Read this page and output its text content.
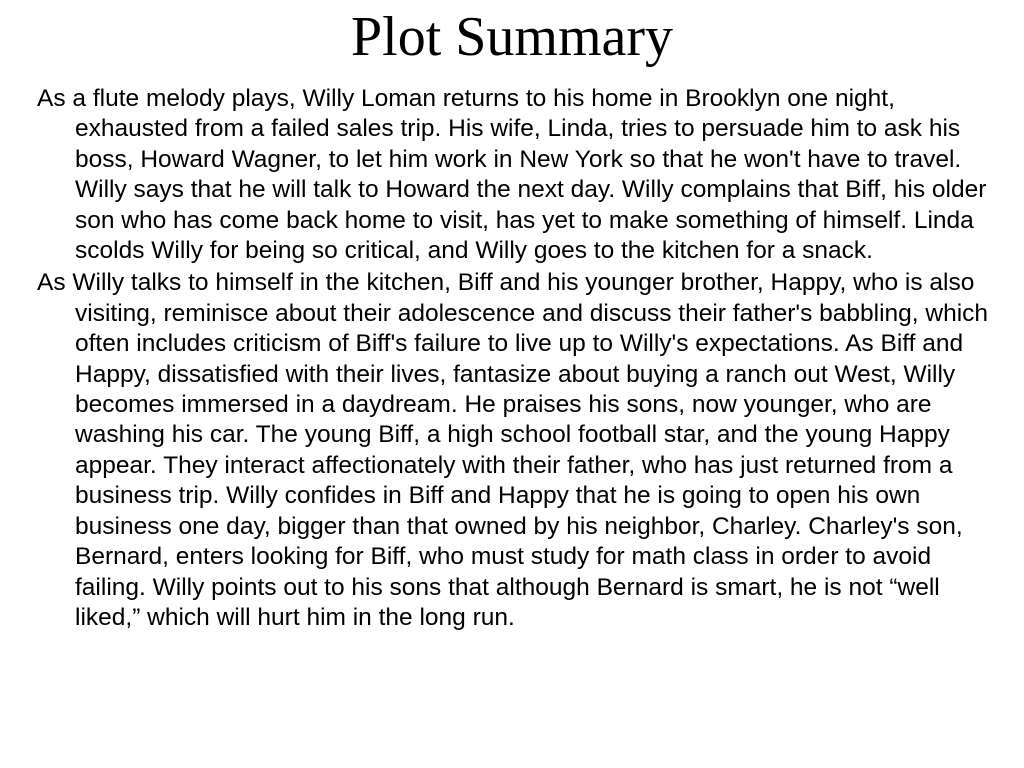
Plot Summary

As a flute melody plays, Willy Loman returns to his home in Brooklyn one night, exhausted from a failed sales trip. His wife, Linda, tries to persuade him to ask his boss, Howard Wagner, to let him work in New York so that he won't have to travel. Willy says that he will talk to Howard the next day. Willy complains that Biff, his older son who has come back home to visit, has yet to make something of himself. Linda scolds Willy for being so critical, and Willy goes to the kitchen for a snack.

As Willy talks to himself in the kitchen, Biff and his younger brother, Happy, who is also visiting, reminisce about their adolescence and discuss their father's babbling, which often includes criticism of Biff's failure to live up to Willy's expectations. As Biff and Happy, dissatisfied with their lives, fantasize about buying a ranch out West, Willy becomes immersed in a daydream. He praises his sons, now younger, who are washing his car. The young Biff, a high school football star, and the young Happy appear. They interact affectionately with their father, who has just returned from a business trip. Willy confides in Biff and Happy that he is going to open his own business one day, bigger than that owned by his neighbor, Charley. Charley's son, Bernard, enters looking for Biff, who must study for math class in order to avoid failing. Willy points out to his sons that although Bernard is smart, he is not “well liked,” which will hurt him in the long run.
